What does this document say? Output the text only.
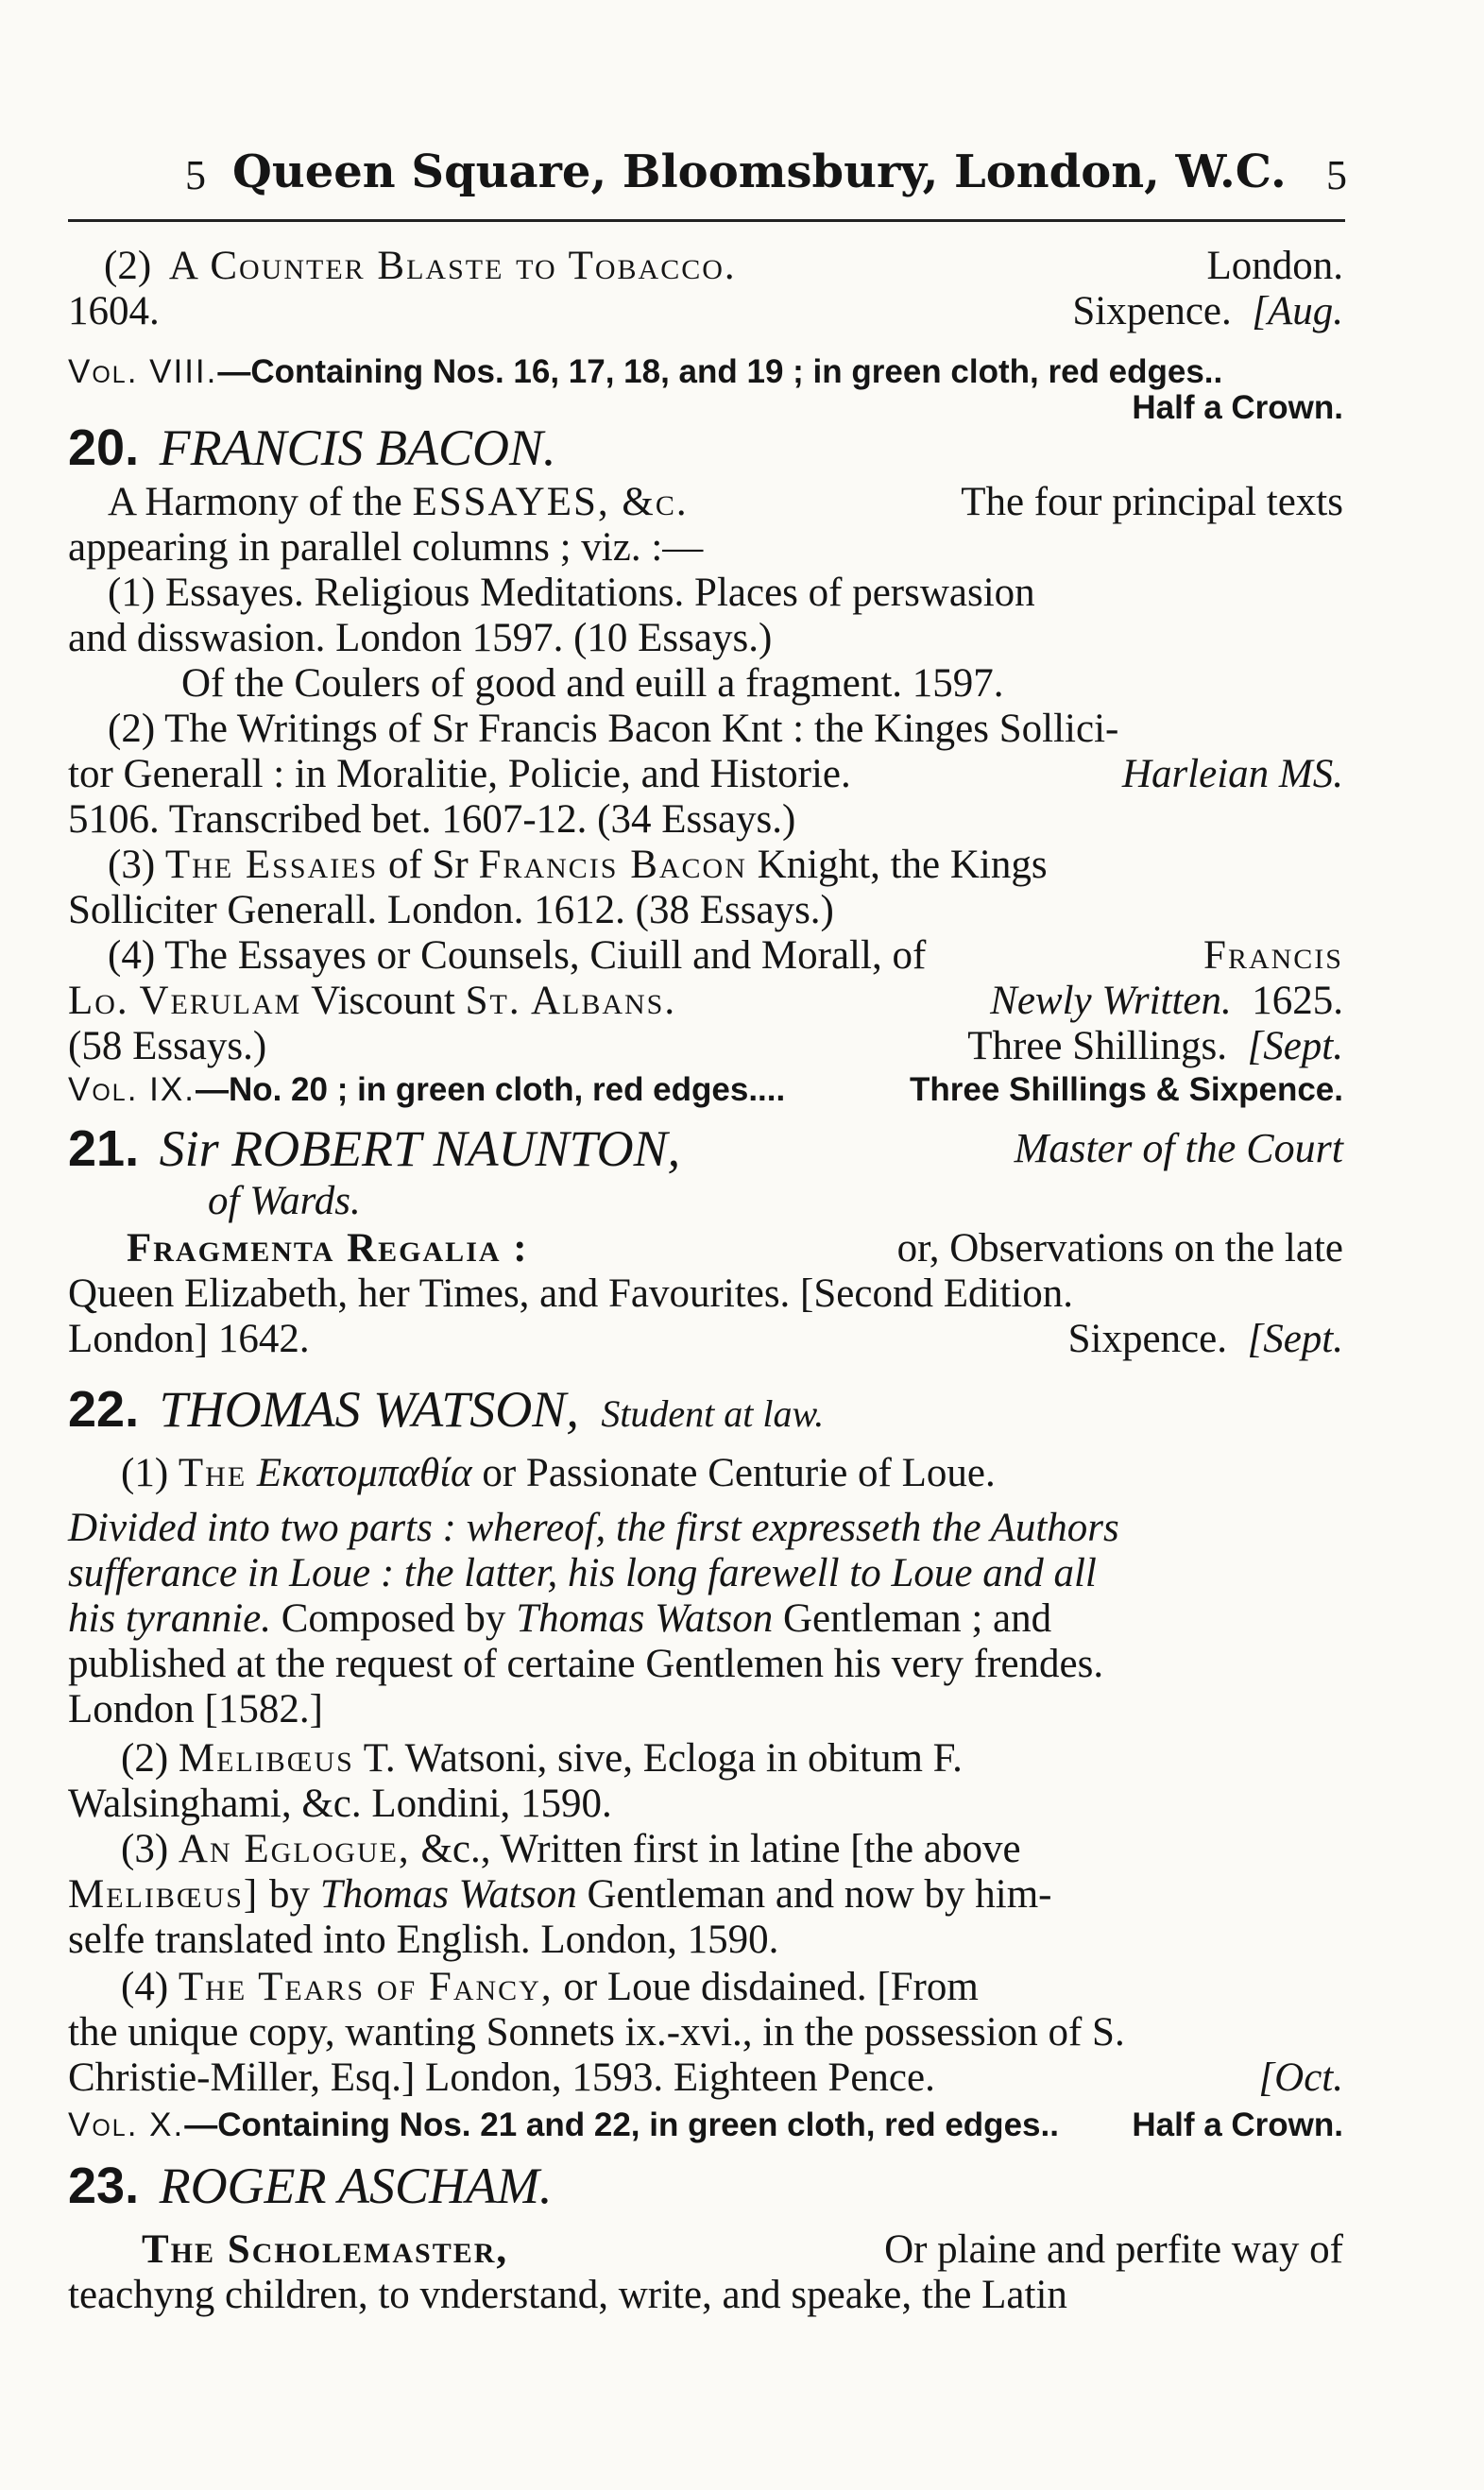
5 Queen Square, Bloomsbury, London, W.C. 5
(2) A Counter Blaste to Tobacco.	London.
1604.	Sixpence. [Aug.
Vol. VIII.—Containing Nos. 16, 17, 18, and 19 ; in green cloth, red edges..
Half a Crown.
20. FRANCIS BACON.
A Harmony of the ESSAYES, &c.	The four principal texts
appearing in parallel columns ; viz. :—
(1) Essayes. Religious Meditations. Places of perswasion
and disswasion. London 1597. (10 Essays.)
Of the Coulers of good and euill a fragment. 1597.
(2) The Writings of Sr Francis Bacon Knt : the Kinges Sollici-
tor Generall : in Moralitie, Policie, and Historie.	Harleian MS.
5106. Transcribed bet. 1607-12. (34 Essays.)
(3) The Essaies of Sr Francis Bacon Knight, the Kings
Solliciter Generall. London. 1612. (38 Essays.)
(4) The Essayes or Counsels, Ciuill and Morall, of	Francis
Lo. Verulam Viscount St. Albans.	Newly Written. 1625.
(58 Essays.)	Three Shillings. [Sept.
Vol. IX.—No. 20 ; in green cloth, red edges....	Three Shillings & Sixpence.
21. Sir ROBERT NAUNTON,	Master of the Court
of Wards.
Fragmenta Regalia :	or, Observations on the late
Queen Elizabeth, her Times, and Favourites. [Second Edition.
London] 1642.	Sixpence. [Sept.
22. THOMAS WATSON, Student at law.
(1) The Εκατομπαθία or Passionate Centurie of Loue.
Divided into two parts : whereof, the first expresseth the Authors
sufferance in Loue : the latter, his long farewell to Loue and all
his tyrannie. Composed by Thomas Watson Gentleman ; and
published at the request of certaine Gentlemen his very frendes.
London [1582.]
(2) Melibœus T. Watsoni, sive, Ecloga in obitum F.
Walsinghami, &c. Londini, 1590.
(3) An Eglogue, &c., Written first in latine [the above
Melibœus] by Thomas Watson Gentleman and now by him-
selfe translated into English. London, 1590.
(4) The Tears of Fancy, or Loue disdained. [From
the unique copy, wanting Sonnets ix.-xvi., in the possession of S.
Christie-Miller, Esq.] London, 1593. Eighteen Pence.	[Oct.
Vol. X.—Containing Nos. 21 and 22, in green cloth, red edges.. Half a Crown.
23. ROGER ASCHAM.
The Scholemaster,	Or plaine and perfite way of
teachyng children, to vnderstand, write, and speake, the Latin
